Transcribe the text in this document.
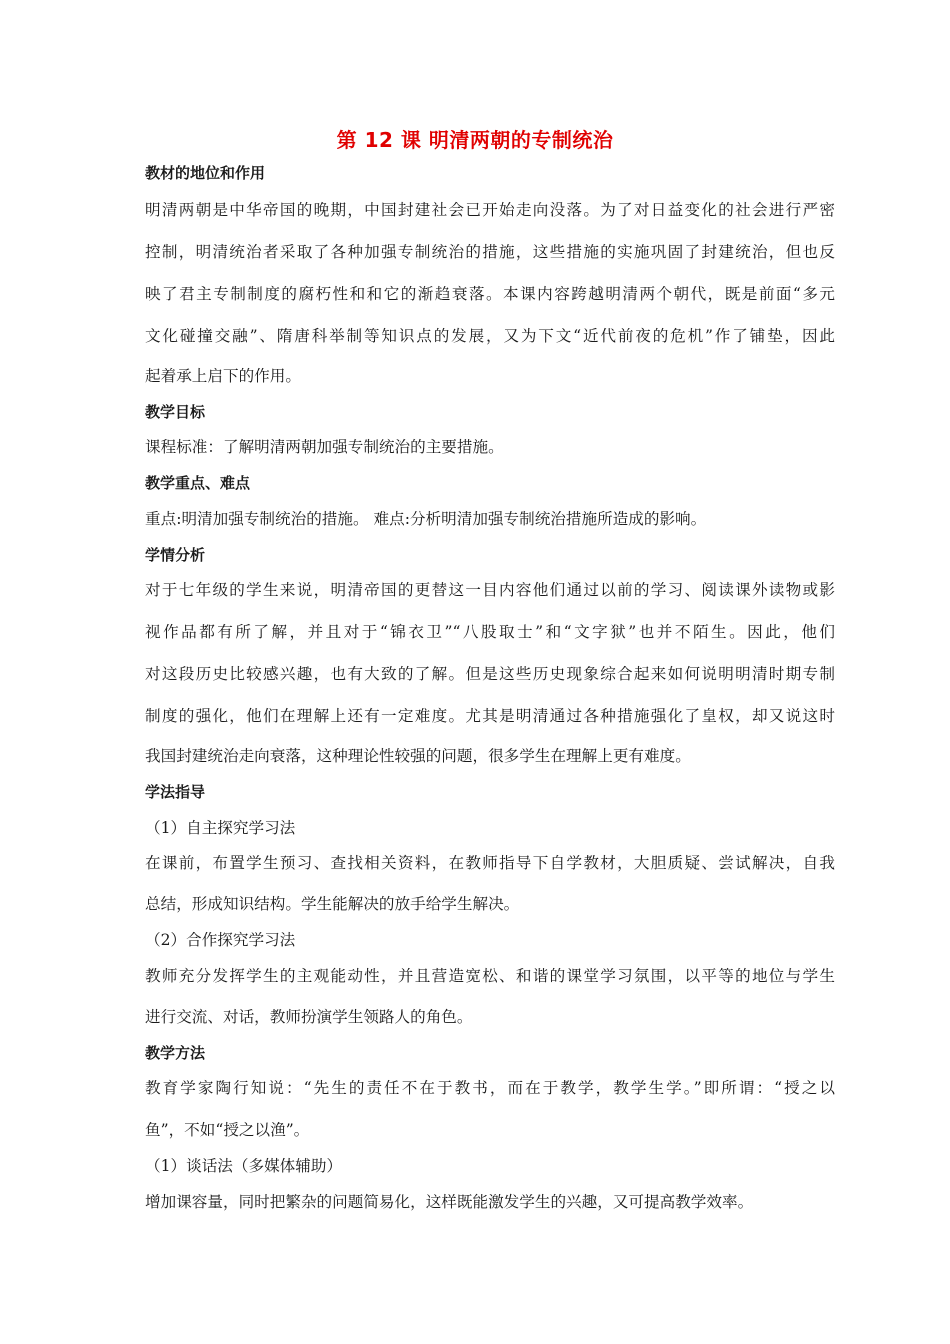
第 12 课 明清两朝的专制统治
教材的地位和作用
明清两朝是中华帝国的晚期，中国封建社会已开始走向没落。为了对日益变化的社会进行严密
控制，明清统治者采取了各种加强专制统治的措施，这些措施的实施巩固了封建统治，但也反
映了君主专制制度的腐朽性和和它的渐趋衰落。本课内容跨越明清两个朝代，既是前面“多元
文化碰撞交融”、隋唐科举制等知识点的发展，又为下文“近代前夜的危机”作了铺垫，因此
起着承上启下的作用。
教学目标
课程标准：了解明清两朝加强专制统治的主要措施。
教学重点、难点
重点:明清加强专制统治的措施。 难点:分析明清加强专制统治措施所造成的影响。
学情分析
对于七年级的学生来说，明清帝国的更替这一目内容他们通过以前的学习、阅读课外读物或影
视作品都有所了解，并且对于“锦衣卫”“八股取士”和“文字狱”也并不陌生。因此，他们
对这段历史比较感兴趣，也有大致的了解。但是这些历史现象综合起来如何说明明清时期专制
制度的强化，他们在理解上还有一定难度。尤其是明清通过各种措施强化了皇权，却又说这时
我国封建统治走向衰落，这种理论性较强的问题，很多学生在理解上更有难度。
学法指导
（1）自主探究学习法
在课前，布置学生预习、查找相关资料，在教师指导下自学教材，大胆质疑、尝试解决，自我
总结，形成知识结构。学生能解决的放手给学生解决。
（2）合作探究学习法
教师充分发挥学生的主观能动性，并且营造宽松、和谐的课堂学习氛围，以平等的地位与学生
进行交流、对话，教师扮演学生领路人的角色。
教学方法
教育学家陶行知说：“先生的责任不在于教书，而在于教学，教学生学。”即所谓：“授之以
鱼”，不如“授之以渔”。
（1）谈话法（多媒体辅助）
增加课容量，同时把繁杂的问题简易化，这样既能激发学生的兴趣，又可提高教学效率。
